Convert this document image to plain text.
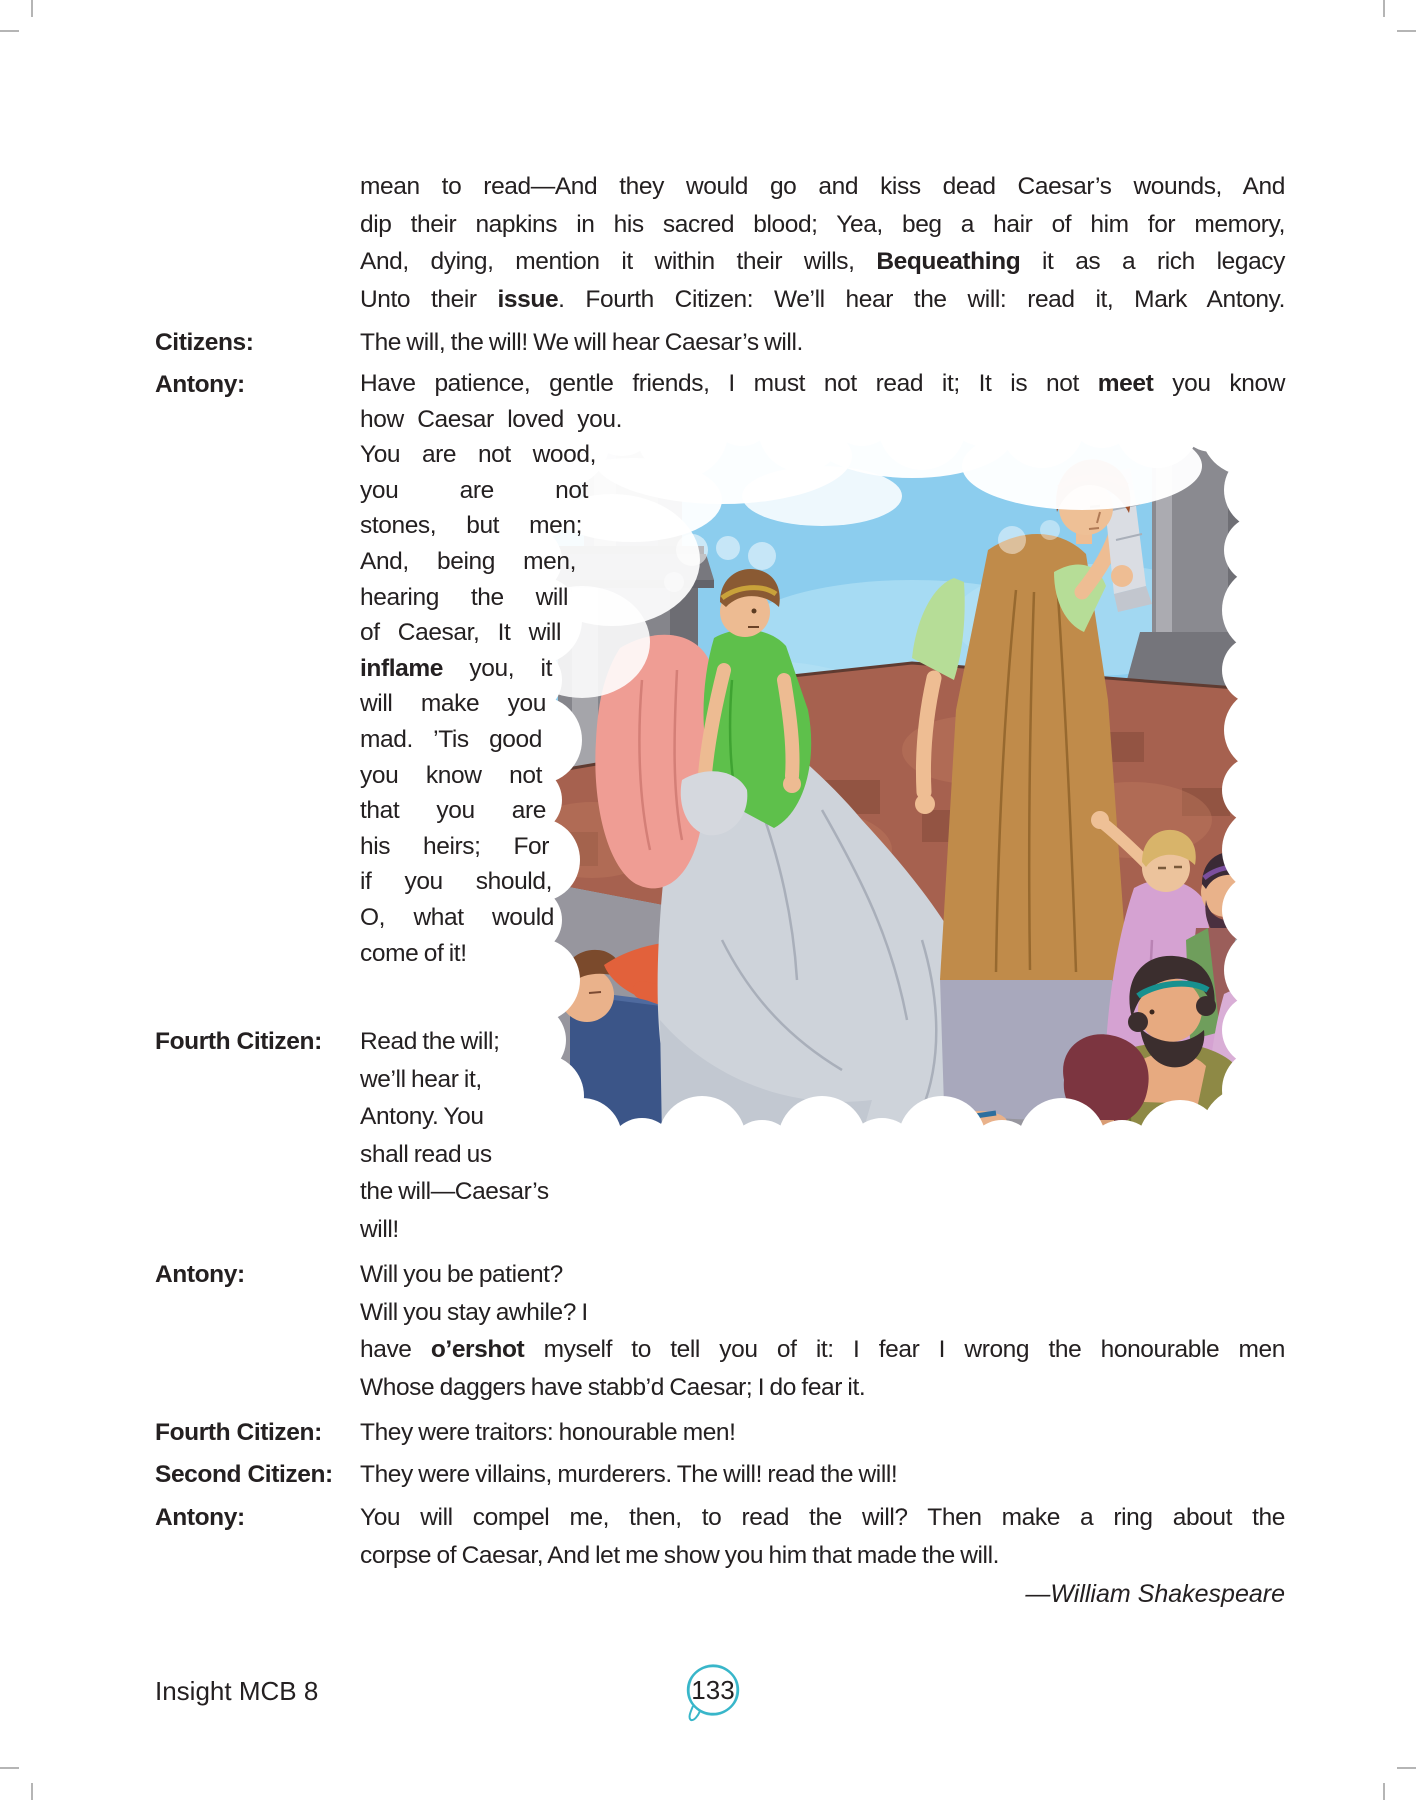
mean to read—And they would go and kiss dead Caesar’s wounds, And
dip their napkins in his sacred blood; Yea, beg a hair of him for memory,
And, dying, mention it within their wills, Bequeathing it as a rich legacy
Unto their issue. Fourth Citizen: We’ll hear the will: read it, Mark Antony.
Citizens:	The will, the will! We will hear Caesar’s will.
Antony:	Have patience, gentle friends, I must not read it; It is not meet you know
how Caesar loved you.
You are not wood,
you are not
stones, but men;
And, being men,
hearing the will
of Caesar, It will
inflame you, it
will make you
mad. ’Tis good
you know not
that you are
his heirs; For
if you should,
O, what would
come of it!
Fourth Citizen: Read the will;
we’ll hear it,
Antony. You
shall read us
the will—Caesar’s
will!
Antony:	Will you be patient?
Will you stay awhile? I
have o’ershot myself to tell you of it: I fear I wrong the honourable men
Whose daggers have stabb’d Caesar; I do fear it.
Fourth Citizen: They were traitors: honourable men!
Second Citizen: They were villains, murderers. The will! read the will!
Antony:	You will compel me, then, to read the will? Then make a ring about the
corpse of Caesar, And let me show you him that made the will.
—William Shakespeare
Insight MCB 8	133
